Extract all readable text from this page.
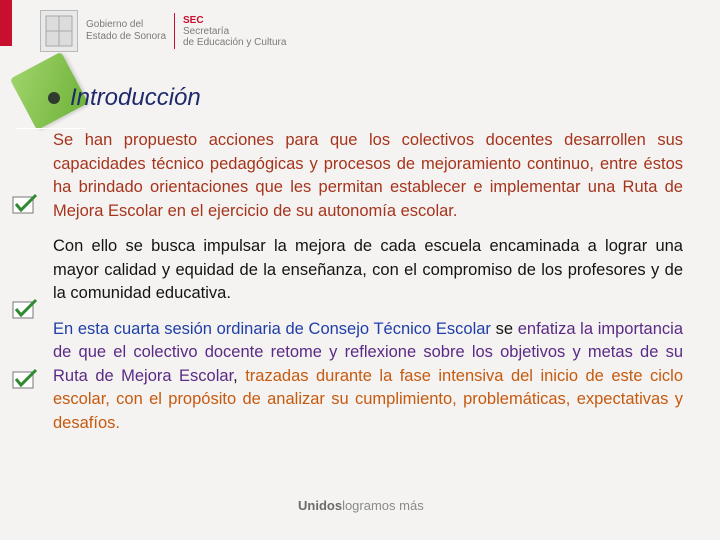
Gobierno del
Estado de Sonora
SEC
Secretaría
de Educación y Cultura
Introducción

Se han propuesto acciones para que los colectivos docentes desarrollen sus capacidades técnico pedagógicas y procesos de mejoramiento continuo, entre éstos ha brindado orientaciones que les permitan establecer e implementar una Ruta de Mejora Escolar en el ejercicio de su autonomía escolar.

Con ello se busca impulsar la mejora de cada escuela encaminada a lograr una mayor calidad y equidad de la enseñanza, con el compromiso de los profesores y de la comunidad educativa.

En esta cuarta sesión ordinaria de Consejo Técnico Escolar se enfatiza la importancia de que el colectivo docente retome y reflexione sobre los objetivos y metas de su Ruta de Mejora Escolar, trazadas durante la fase intensiva del inicio de este ciclo escolar, con el propósito de analizar su cumplimiento, problemáticas, expectativas y desafíos.

Unidoslogramos más
